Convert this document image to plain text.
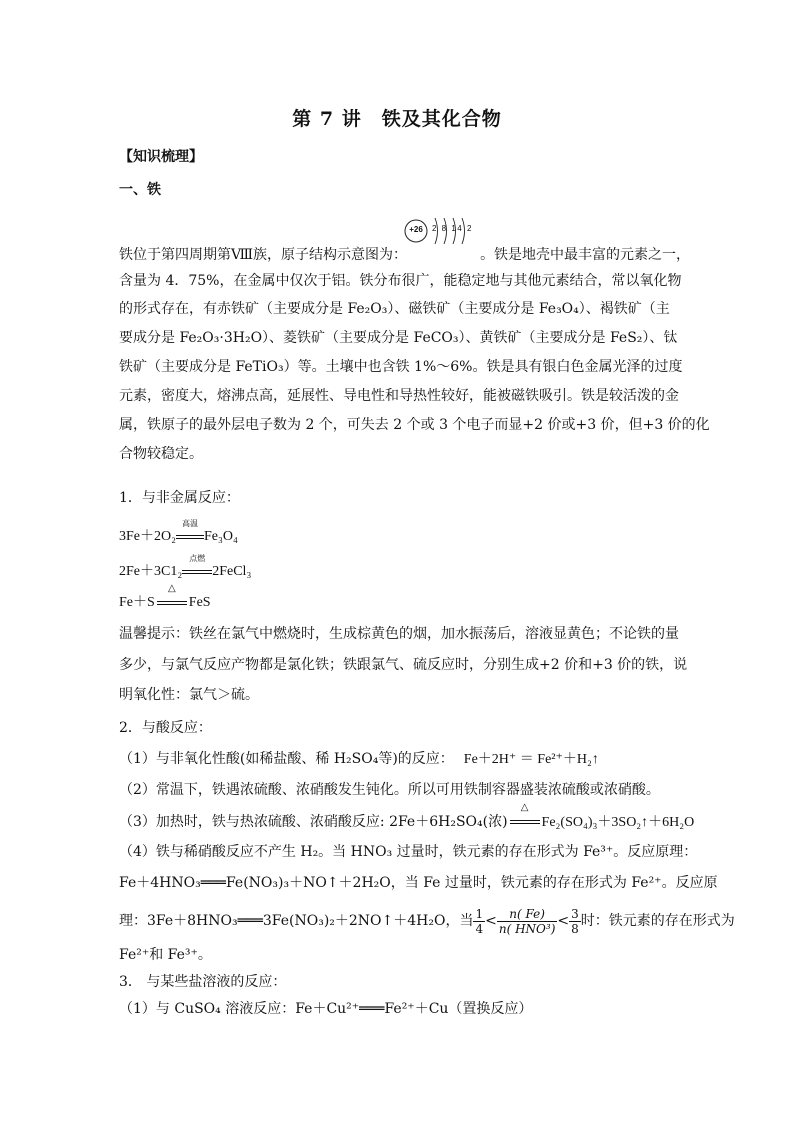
第 7 讲　铁及其化合物
【知识梳理】
一、铁
+26	2 8 14 2
铁位于第四周期第Ⅷ族，原子结构示意图为：	。铁是地壳中最丰富的元素之一，
含量为 4．75%，在金属中仅次于铝。铁分布很广，能稳定地与其他元素结合，常以氧化物
的形式存在，有赤铁矿（主要成分是 Fe₂O₃）、磁铁矿（主要成分是 Fe₃O₄）、褐铁矿（主
要成分是 Fe₂O₃·3H₂O）、菱铁矿（主要成分是 FeCO₃）、黄铁矿（主要成分是 FeS₂）、钛
铁矿（主要成分是 FeTiO₃）等。土壤中也含铁 1%～6%。铁是具有银白色金属光泽的过度
元素，密度大，熔沸点高，延展性、导电性和导热性较好，能被磁铁吸引。铁是较活泼的金
属，铁原子的最外层电子数为 2 个，可失去 2 个或 3 个电子而显+2 价或+3 价，但+3 价的化
合物较稳定。
1．与非金属反应：
3Fe＋2O₂
高温
Fe₃O₄
2Fe＋3C1₂
点燃
2FeCl₃
Fe＋S
△
FeS
温馨提示：铁丝在氯气中燃烧时，生成棕黄色的烟，加水振荡后，溶液显黄色；不论铁的量
多少，与氯气反应产物都是氯化铁；铁跟氯气、硫反应时，分别生成+2 价和+3 价的铁，说
明氧化性：氯气＞硫。
2．与酸反应：
（1）与非氧化性酸(如稀盐酸、稀 H₂SO₄等)的反应： Fe＋2H⁺ ＝ Fe²⁺＋H₂↑
（2）常温下，铁遇浓硫酸、浓硝酸发生钝化。所以可用铁制容器盛装浓硫酸或浓硝酸。
（3）加热时，铁与热浓硫酸、浓硝酸反应: 2Fe＋6H₂SO₄(浓)
△
Fe₂(SO₄)₃＋3SO₂↑＋6H₂O
（4）铁与稀硝酸反应不产生 H₂。当 HNO₃ 过量时，铁元素的存在形式为 Fe³⁺。反应原理：
Fe＋4HNO₃═══Fe(NO₃)₃＋NO↑＋2H₂O，当 Fe 过量时，铁元素的存在形式为 Fe²⁺。反应原
理：3Fe＋8HNO₃═══3Fe(NO₃)₂＋2NO↑＋4H₂O，当 $\frac{1}{4} < \frac{n( Fe)}{\text{n( HNO³)}} < \frac{3}{8}$ 时：铁元素的存在形式为
Fe²⁺和 Fe³⁺。
3． 与某些盐溶液的反应：
（1）与 CuSO₄ 溶液反应：Fe＋Cu²⁺═══Fe²⁺＋Cu（置换反应）
